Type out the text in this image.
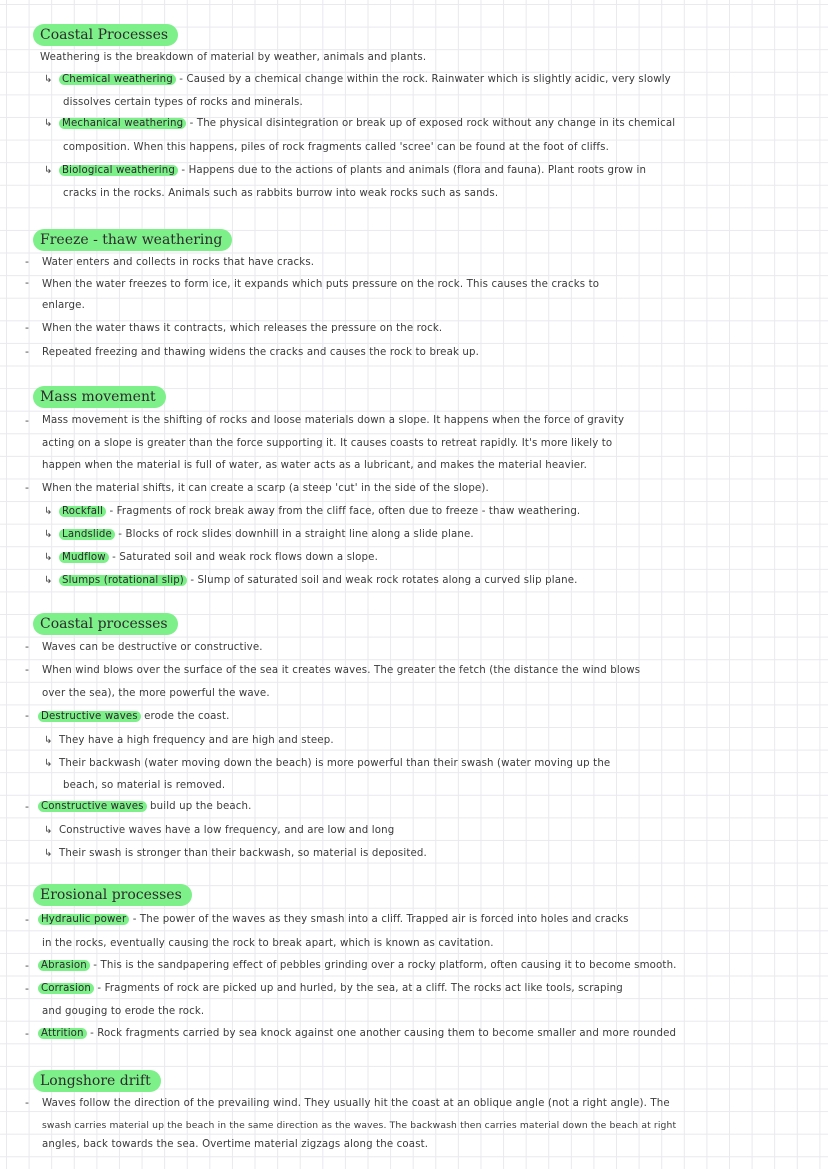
Coastal Processes
Weathering is the breakdown of material by weather, animals and plants.
↳ Chemical weathering - Caused by a chemical change within the rock. Rainwater which is slightly acidic, very slowly
dissolves certain types of rocks and minerals.
↳ Mechanical weathering - The physical disintegration or break up of exposed rock without any change in its chemical
composition. When this happens, piles of rock fragments called 'scree' can be found at the foot of cliffs.
↳ Biological weathering - Happens due to the actions of plants and animals (flora and fauna). Plant roots grow in
cracks in the rocks. Animals such as rabbits burrow into weak rocks such as sands.
Freeze - thaw weathering
- Water enters and collects in rocks that have cracks.
- When the water freezes to form ice, it expands which puts pressure on the rock. This causes the cracks to
enlarge.
- When the water thaws it contracts, which releases the pressure on the rock.
- Repeated freezing and thawing widens the cracks and causes the rock to break up.
Mass movement
- Mass movement is the shifting of rocks and loose materials down a slope. It happens when the force of gravity
acting on a slope is greater than the force supporting it. It causes coasts to retreat rapidly. It's more likely to
happen when the material is full of water, as water acts as a lubricant, and makes the material heavier.
- When the material shifts, it can create a scarp (a steep 'cut' in the side of the slope).
↳ Rockfall - Fragments of rock break away from the cliff face, often due to freeze - thaw weathering.
↳ Landslide - Blocks of rock slides downhill in a straight line along a slide plane.
↳ Mudflow - Saturated soil and weak rock flows down a slope.
↳ Slumps (rotational slip) - Slump of saturated soil and weak rock rotates along a curved slip plane.
Coastal processes
- Waves can be destructive or constructive.
- When wind blows over the surface of the sea it creates waves. The greater the fetch (the distance the wind blows
over the sea), the more powerful the wave.
- Destructive waves erode the coast.
↳ They have a high frequency and are high and steep.
↳ Their backwash (water moving down the beach) is more powerful than their swash (water moving up the
beach, so material is removed.
- Constructive waves build up the beach.
↳ Constructive waves have a low frequency, and are low and long
↳ Their swash is stronger than their backwash, so material is deposited.
Erosional processes
- Hydraulic power - The power of the waves as they smash into a cliff. Trapped air is forced into holes and cracks
in the rocks, eventually causing the rock to break apart, which is known as cavitation.
- Abrasion - This is the sandpapering effect of pebbles grinding over a rocky platform, often causing it to become smooth.
- Corrasion - Fragments of rock are picked up and hurled, by the sea, at a cliff. The rocks act like tools, scraping
and gouging to erode the rock.
- Attrition - Rock fragments carried by sea knock against one another causing them to become smaller and more rounded
Longshore drift
- Waves follow the direction of the prevailing wind. They usually hit the coast at an oblique angle (not a right angle). The
swash carries material up the beach in the same direction as the waves. The backwash then carries material down the beach at right
angles, back towards the sea. Overtime material zigzags along the coast.
